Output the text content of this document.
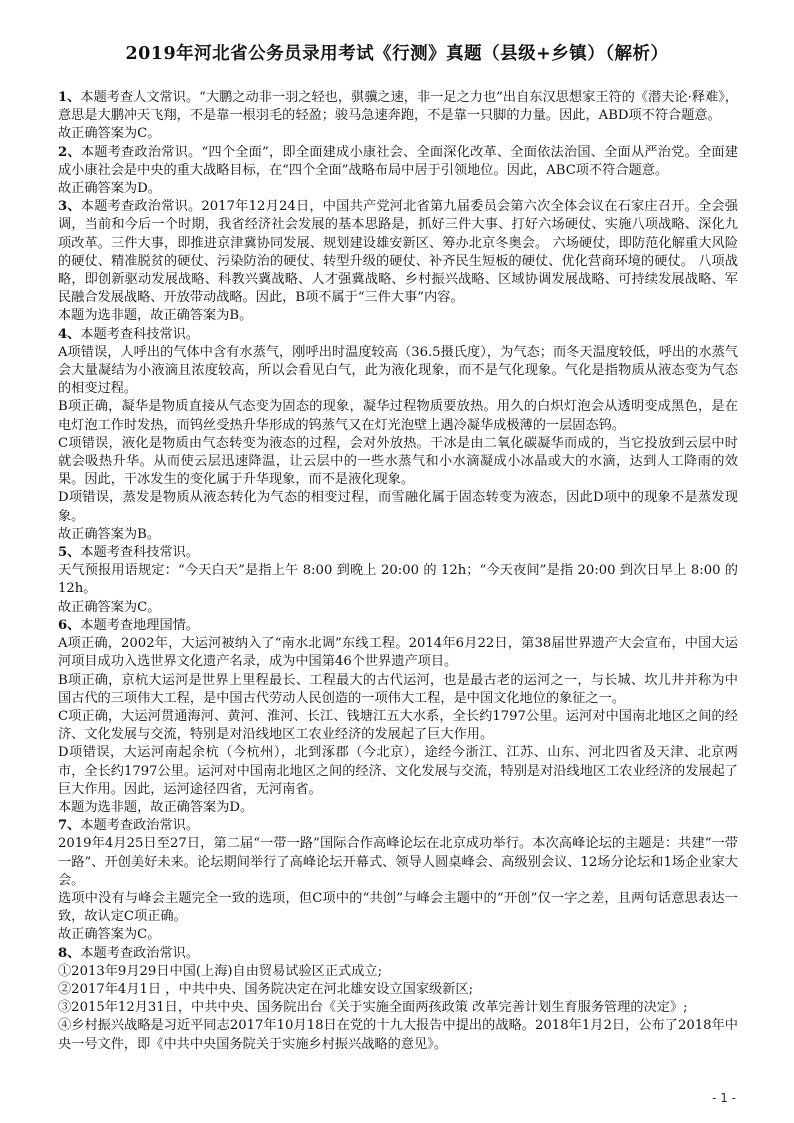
2019年河北省公务员录用考试《行测》真题（县级+乡镇）（解析）

1、本题考查人文常识。“大鹏之动非一羽之轻也，骐骥之速，非一足之力也”出自东汉思想家王符的《潜夫论·释难》，意思是大鹏冲天飞翔，不是靠一根羽毛的轻盈；骏马急速奔跑，不是靠一只脚的力量。因此，ABD项不符合题意。

故正确答案为C。

2、本题考查政治常识。“四个全面”，即全面建成小康社会、全面深化改革、全面依法治国、全面从严治党。全面建成小康社会是中央的重大战略目标，在“四个全面”战略布局中居于引领地位。因此，ABC项不符合题意。

故正确答案为D。

3、本题考查政治常识。2017年12月24日，中国共产党河北省第九届委员会第六次全体会议在石家庄召开。全会强调，当前和今后一个时期，我省经济社会发展的基本思路是，抓好三件大事、打好六场硬仗、实施八项战略、深化九项改革。三件大事，即推进京津冀协同发展、规划建设雄安新区、筹办北京冬奥会。 六场硬仗，即防范化解重大风险的硬仗、精准脱贫的硬仗、污染防治的硬仗、转型升级的硬仗、补齐民生短板的硬仗、优化营商环境的硬仗。 八项战略，即创新驱动发展战略、科教兴冀战略、人才强冀战略、乡村振兴战略、区域协调发展战略、可持续发展战略、军民融合发展战略、开放带动战略。因此，B项不属于“三件大事”内容。

本题为选非题，故正确答案为B。

4、本题考查科技常识。

A项错误，人呼出的气体中含有水蒸气，刚呼出时温度较高（36.5摄氏度），为气态；而冬天温度较低，呼出的水蒸气会大量凝结为小液滴且浓度较高，所以会看见白气，此为液化现象，而不是气化现象。气化是指物质从液态变为气态的相变过程。

B项正确，凝华是物质直接从气态变为固态的现象，凝华过程物质要放热。用久的白炽灯泡会从透明变成黑色，是在电灯泡工作时发热，而钨丝受热升华形成的钨蒸气又在灯光泡壁上遇冷凝华成极薄的一层固态钨。

C项错误，液化是物质由气态转变为液态的过程，会对外放热。干冰是由二氧化碳凝华而成的，当它投放到云层中时就会吸热升华。从而使云层迅速降温，让云层中的一些水蒸气和小水滴凝成小冰晶或大的水滴，达到人工降雨的效果。因此，干冰发生的变化属于升华现象，而不是液化现象。

D项错误，蒸发是物质从液态转化为气态的相变过程，而雪融化属于固态转变为液态，因此D项中的现象不是蒸发现象。

故正确答案为B。

5、本题考查科技常识。

天气预报用语规定：“今天白天”是指上午 8:00 到晚上 20:00 的 12h；“今天夜间”是指 20:00 到次日早上 8:00 的 12h。

故正确答案为C。

6、本题考查地理国情。

A项正确，2002年，大运河被纳入了“南水北调”东线工程。2014年6月22日，第38届世界遗产大会宣布，中国大运河项目成功入选世界文化遗产名录，成为中国第46个世界遗产项目。

B项正确，京杭大运河是世界上里程最长、工程最大的古代运河，也是最古老的运河之一，与长城、坎儿井并称为中国古代的三项伟大工程，是中国古代劳动人民创造的一项伟大工程，是中国文化地位的象征之一。

C项正确，大运河贯通海河、黄河、淮河、长江、钱塘江五大水系，全长约1797公里。运河对中国南北地区之间的经济、文化发展与交流，特别是对沿线地区工农业经济的发展起了巨大作用。

D项错误，大运河南起余杭（今杭州），北到涿郡（今北京），途经今浙江、江苏、山东、河北四省及天津、北京两市，全长约1797公里。运河对中国南北地区之间的经济、文化发展与交流，特别是对沿线地区工农业经济的发展起了巨大作用。因此，运河途径四省，无河南省。

本题为选非题，故正确答案为D。

7、本题考查政治常识。

2019年4月25日至27日，第二届“一带一路”国际合作高峰论坛在北京成功举行。本次高峰论坛的主题是：共建“一带一路”、开创美好未来。论坛期间举行了高峰论坛开幕式、领导人圆桌峰会、高级别会议、12场分论坛和1场企业家大会。

选项中没有与峰会主题完全一致的选项，但C项中的“共创”与峰会主题中的“开创”仅一字之差，且两句话意思表达一致，故认定C项正确。

故正确答案为C。

8、本题考查政治常识。

①2013年9月29日中国(上海)自由贸易试验区正式成立;

②2017年4月1日 ，中共中央、国务院决定在河北雄安设立国家级新区;

③2015年12月31日，中共中央、国务院出台《关于实施全面两孩政策 改革完善计划生育服务管理的决定》;

④乡村振兴战略是习近平同志2017年10月18日在党的十九大报告中提出的战略。2018年1月2日，公布了2018年中央一号文件，即《中共中央国务院关于实施乡村振兴战略的意见》。

- 1 -
